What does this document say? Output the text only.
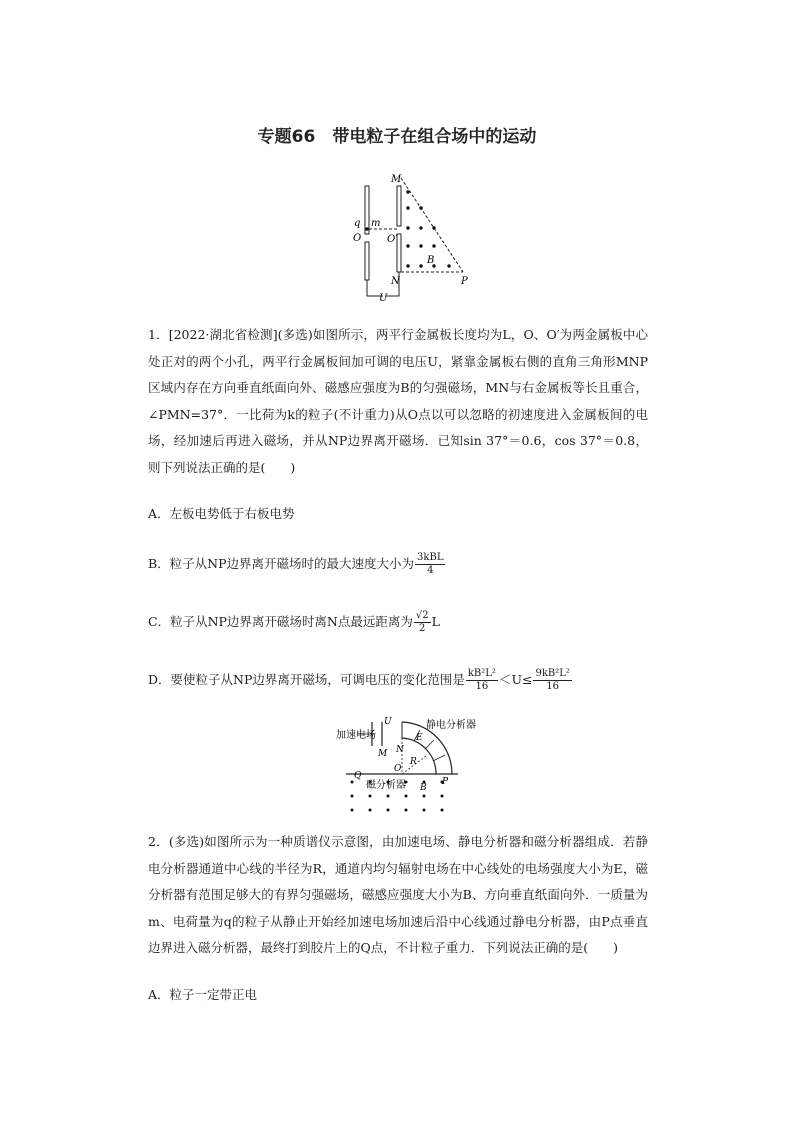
专题66　带电粒子在组合场中的运动
M
N	P
O	O′
q m
B
U
1．[2022·湖北省检测](多选)如图所示，两平行金属板长度均为L，O、O′为两金属板中心处正对的两个小孔，两平行金属板间加可调的电压U，紧靠金属板右侧的直角三角形MNP区域内存在方向垂直纸面向外、磁感应强度为B的匀强磁场，MN与右金属板等长且重合，∠PMN=37°．一比荷为k的粒子(不计重力)从O点以可以忽略的初速度进入金属板间的电场，经加速后再进入磁场，并从NP边界离开磁场．已知sin 37°＝0.6，cos 37°＝0.8，则下列说法正确的是(　　)
A．左板电势低于右板电势
B．粒子从NP边界离开磁场时的最大速度大小为 $\frac{\text{3kBL}}{4}$
C．粒子从NP边界离开磁场时离N点最远距离为 $\frac{√2}{2}$ L
D．要使粒子从NP边界离开磁场，可调电压的变化范围是 $\frac{\text{kB²L²}}{16} <U\le \frac{\text{9kB²L²}}{16}$
加速电场
静电分析器
磁分析器
U
M N
E
R
O
P
Q
B
2．(多选)如图所示为一种质谱仪示意图，由加速电场、静电分析器和磁分析器组成．若静电分析器通道中心线的半径为R，通道内均匀辐射电场在中心线处的电场强度大小为E，磁分析器有范围足够大的有界匀强磁场，磁感应强度大小为B、方向垂直纸面向外．一质量为m、电荷量为q的粒子从静止开始经加速电场加速后沿中心线通过静电分析器，由P点垂直边界进入磁分析器，最终打到胶片上的Q点，不计粒子重力．下列说法正确的是(　　)
A．粒子一定带正电
